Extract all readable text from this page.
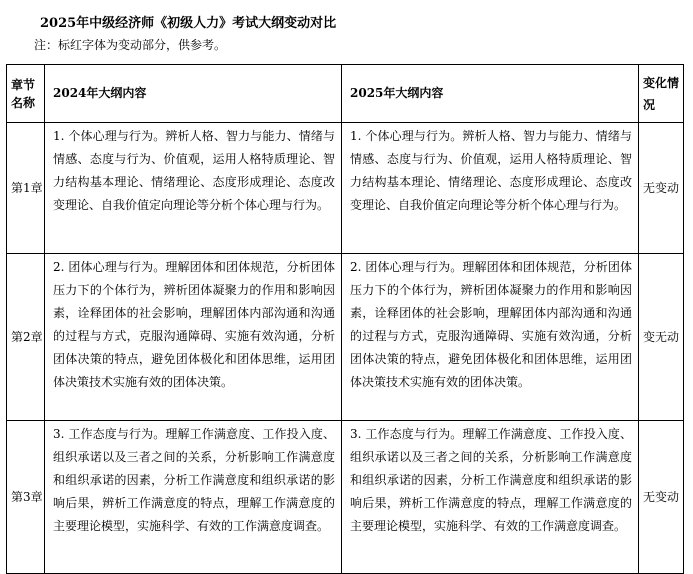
2025年中级经济师《初级人力》考试大纲变动对比
注：标红字体为变动部分，供参考。
章节名称	2024年大纲内容	2025年大纲内容	变化情况
第1章	1. 个体心理与行为。辨析人格、智力与能力、情绪与情感、态度与行为、价值观，运用人格特质理论、智力结构基本理论、情绪理论、态度形成理论、态度改变理论、自我价值定向理论等分析个体心理与行为。	1. 个体心理与行为。辨析人格、智力与能力、情绪与情感、态度与行为、价值观，运用人格特质理论、智力结构基本理论、情绪理论、态度形成理论、态度改变理论、自我价值定向理论等分析个体心理与行为。	无变动
第2章	2. 团体心理与行为。理解团体和团体规范，分析团体压力下的个体行为，辨析团体凝聚力的作用和影响因素，诠释团体的社会影响，理解团体内部沟通和沟通的过程与方式，克服沟通障碍、实施有效沟通，分析团体决策的特点，避免团体极化和团体思维，运用团体决策技术实施有效的团体决策。	2. 团体心理与行为。理解团体和团体规范，分析团体压力下的个体行为，辨析团体凝聚力的作用和影响因素，诠释团体的社会影响，理解团体内部沟通和沟通的过程与方式，克服沟通障碍、实施有效沟通，分析团体决策的特点，避免团体极化和团体思维，运用团体决策技术实施有效的团体决策。	变无动
第3章	3. 工作态度与行为。理解工作满意度、工作投入度、组织承诺以及三者之间的关系，分析影响工作满意度和组织承诺的因素，分析工作满意度和组织承诺的影响后果，辨析工作满意度的特点，理解工作满意度的主要理论模型，实施科学、有效的工作满意度调查。	3. 工作态度与行为。理解工作满意度、工作投入度、组织承诺以及三者之间的关系，分析影响工作满意度和组织承诺的因素，分析工作满意度和组织承诺的影响后果，辨析工作满意度的特点，理解工作满意度的主要理论模型，实施科学、有效的工作满意度调查。	无变动
